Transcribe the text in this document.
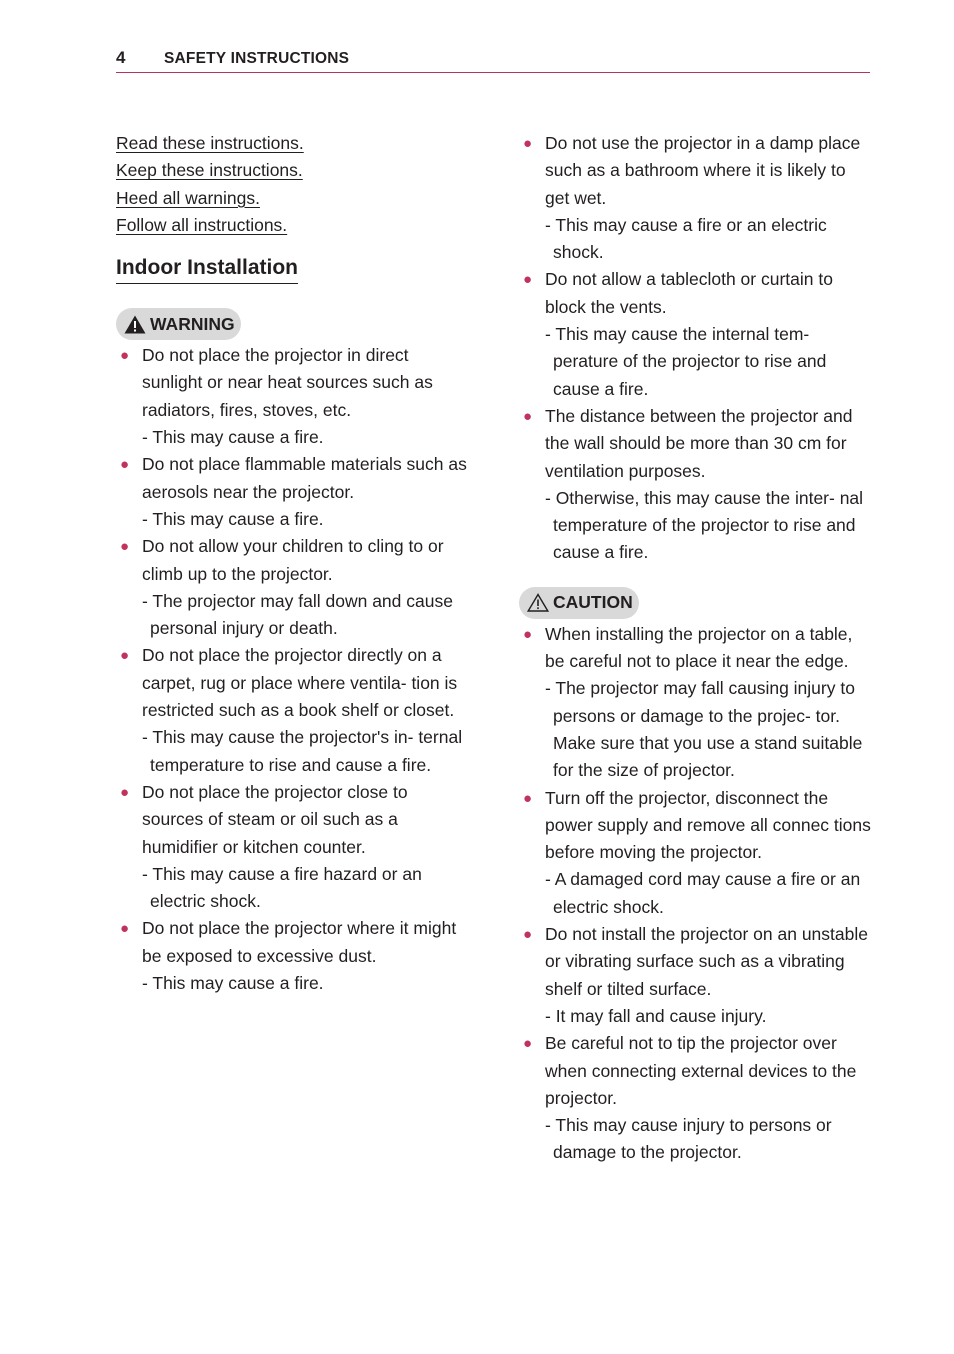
4 SAFETY INSTRUCTIONS
Read these instructions.
Keep these instructions.
Heed all warnings.
Follow all instructions.
Indoor Installation
WARNING
● Do not place the projector in direct sunlight or near heat sources such as radiators, fires, stoves, etc.
- This may cause a fire.
● Do not place flammable materials such as aerosols near the projector.
- This may cause a fire.
● Do not allow your children to cling to or climb up to the projector.
- The projector may fall down and cause personal injury or death.
● Do not place the projector directly on a carpet, rug or place where ventila- tion is restricted such as a book shelf or closet.
- This may cause the projector's in- ternal temperature to rise and cause a fire.
● Do not place the projector close to sources of steam or oil such as a humidifier or kitchen counter.
- This may cause a fire hazard or an electric shock.
● Do not place the projector where it might be exposed to excessive dust.
- This may cause a fire.
● Do not use the projector in a damp place such as a bathroom where it is likely to get wet.
- This may cause a fire or an electric shock.
● Do not allow a tablecloth or curtain to block the vents.
- This may cause the internal tem- perature of the projector to rise and cause a fire.
● The distance between the projector and the wall should be more than 30 cm for ventilation purposes.
- Otherwise, this may cause the inter- nal temperature of the projector to rise and cause a fire.
CAUTION
● When installing the projector on a table, be careful not to place it near the edge.
- The projector may fall causing injury to persons or damage to the projec- tor. Make sure that you use a stand suitable for the size of projector.
● Turn off the projector, disconnect the power supply and remove all connec tions before moving the projector.
- A damaged cord may cause a fire or an electric shock.
● Do not install the projector on an unstable or vibrating surface such as a vibrating shelf or tilted surface.
- It may fall and cause injury.
● Be careful not to tip the projector over when connecting external devices to the projector.
- This may cause injury to persons or damage to the projector.
